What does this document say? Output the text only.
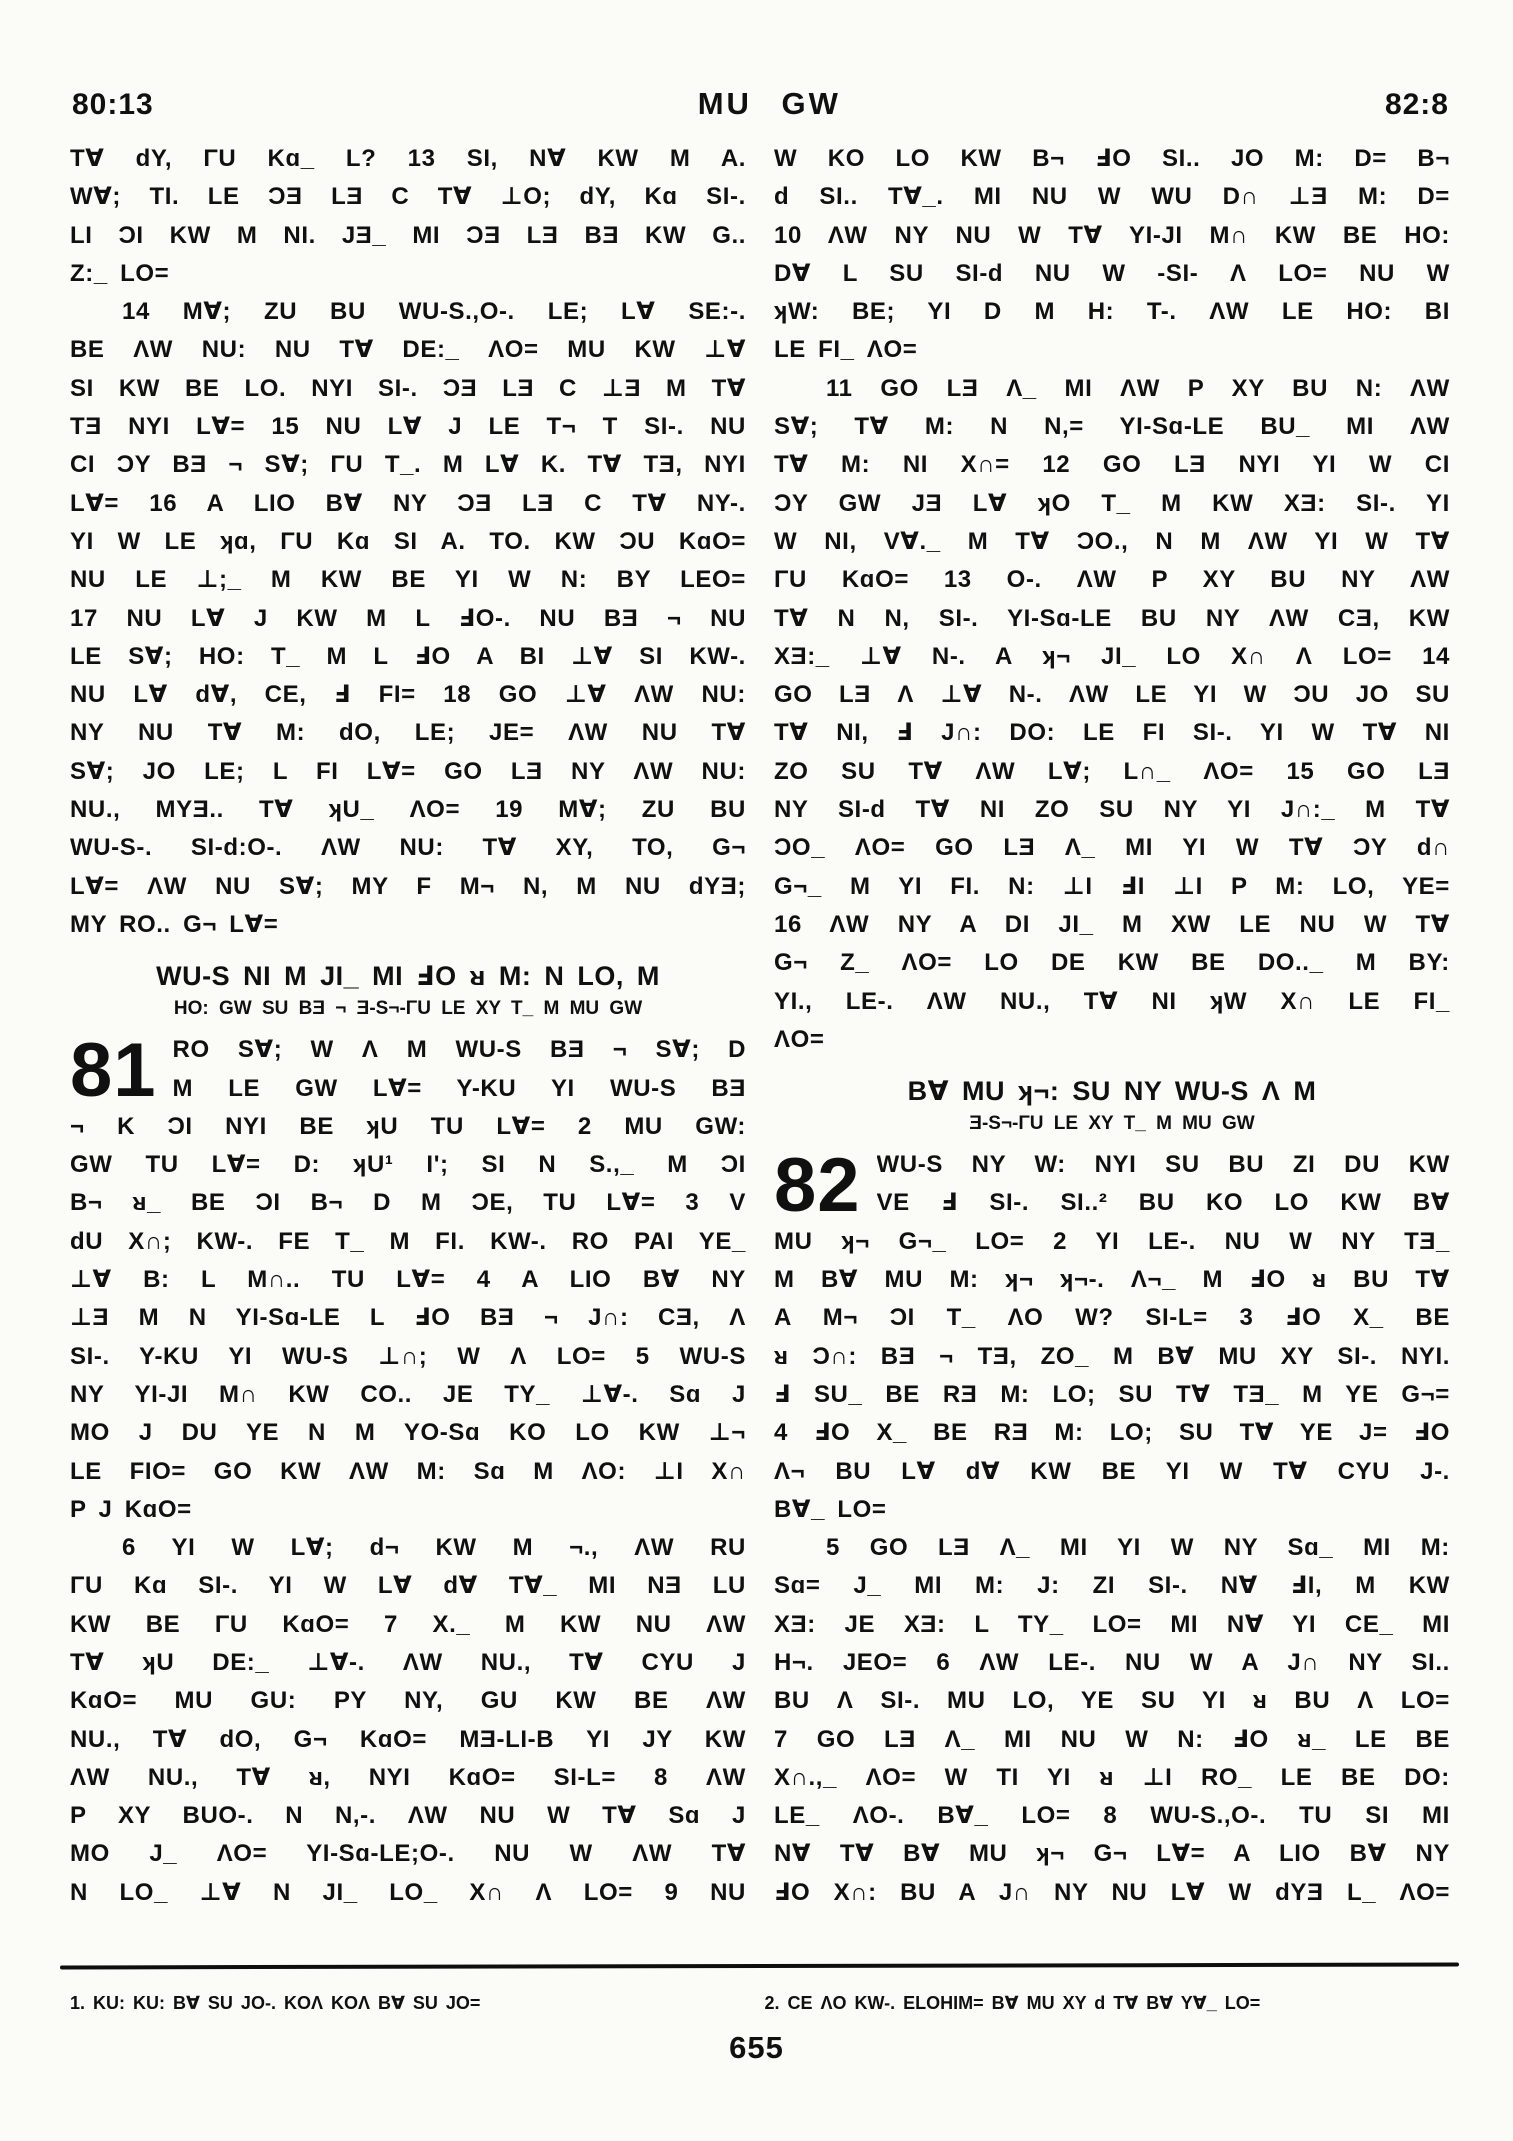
80:13	MU GW	82:8
T∀ dY, ΓU Kɑ_ L? 13 SI, N∀ KW M A.
W∀; TI. LE ƆƎ LƎ C T∀ ⊥O; dY, Kɑ SI-.
LI ƆI KW M NI. JƎ_ MI ƆƎ LƎ BƎ KW G..
Z:_ LO=
14 M∀; ZU BU WU-S.,O-. LE; L∀ SE:-.
BE ΛW NU: NU T∀ DE:_ ΛO= MU KW ⊥∀
SI KW BE LO. NYI SI-. ƆƎ LƎ C ⊥Ǝ M T∀
TƎ NYI L∀= 15 NU L∀ J LE T¬ T SI-. NU
CI ƆY BƎ ¬ S∀; ΓU T_. M L∀ K. T∀ TƎ, NYI
L∀= 16 A LIO B∀ NY ƆƎ LƎ C T∀ NY-.
YI W LE ʞɑ, ΓU Kɑ SI A. TO. KW ƆU KɑO=
NU LE ⊥;_ M KW BE YI W N: BY LEO=
17 NU L∀ J KW M L ℲO-. NU BƎ ¬ NU
LE S∀; HO: T_ M L ℲO A BI ⊥∀ SI KW-.
NU L∀ d∀, CE, Ⅎ FI= 18 GO ⊥∀ ΛW NU:
NY NU T∀ M: dO, LE; JE= ΛW NU T∀
S∀; JO LE; L FI L∀= GO LƎ NY ΛW NU:
NU., MYƎ.. T∀ ʞU_ ΛO= 19 M∀; ZU BU
WU-S-. SI-d:O-. ΛW NU: T∀ XY, TO, G¬
L∀= ΛW NU S∀; MY F M¬ N, M NU dYƎ;
MY RO.. G¬ L∀=
WU-S NI M JI_ MI ℲO ᴚ M: N LO, M
HO: GW SU BƎ ¬ Ǝ-S¬-ΓU LE XY T_ M MU GW
81 RO S∀; W Λ M WU-S BƎ ¬ S∀; D
M LE GW L∀= Y-KU YI WU-S BƎ
¬ K ƆI NYI BE ʞU TU L∀= 2 MU GW:
GW TU L∀= D: ʞU¹ I'; SI N S.,_ M ƆI
B¬ ᴚ_ BE ƆI B¬ D M ƆE, TU L∀= 3 V
dU X∩; KW-. FE T_ M FI. KW-. RO PAI YE_
⊥∀ B: L M∩.. TU L∀= 4 A LIO B∀ NY
⊥Ǝ M N YI-Sɑ-LE L ℲO BƎ ¬ J∩: CƎ, Λ
SI-. Y-KU YI WU-S ⊥∩; W Λ LO= 5 WU-S
NY YI-JI M∩ KW CO.. JE TY_ ⊥∀-. Sɑ J
MO J DU YE N M YO-Sɑ KO LO KW ⊥¬
LE FIO= GO KW ΛW M: Sɑ M ΛO: ⊥I X∩
P J KɑO=
6 YI W L∀; d¬ KW M ¬., ΛW RU
ΓU Kɑ SI-. YI W L∀ d∀ T∀_ MI NƎ LU
KW BE ΓU KɑO= 7 X._ M KW NU ΛW
T∀ ʞU DE:_ ⊥∀-. ΛW NU., T∀ CYU J
KɑO= MU GU: PY NY, GU KW BE ΛW
NU., T∀ dO, G¬ KɑO= MƎ-LI-B YI JY KW
ΛW NU., T∀ ᴚ, NYI KɑO= SI-L= 8 ΛW
P XY BUO-. N N,-. ΛW NU W T∀ Sɑ J
MO J_ ΛO= YI-Sɑ-LE;O-. NU W ΛW T∀
N LO_ ⊥∀ N JI_ LO_ X∩ Λ LO= 9 NU
W KO LO KW B¬ ℲO SI.. JO M: D= B¬
d SI.. T∀_. MI NU W WU D∩ ⊥Ǝ M: D=
10 ΛW NY NU W T∀ YI-JI M∩ KW BE HO:
D∀ L SU SI-d NU W -SI- Λ LO= NU W
ʞW: BE; YI D M H: T-. ΛW LE HO: BI
LE FI_ ΛO=
11 GO LƎ Λ_ MI ΛW P XY BU N: ΛW
S∀; T∀ M: N N,= YI-Sɑ-LE BU_ MI ΛW
T∀ M: NI X∩= 12 GO LƎ NYI YI W CI
ƆY GW JƎ L∀ ʞO T_ M KW XƎ: SI-. YI
W NI, V∀._ M T∀ ƆO., N M ΛW YI W T∀
ΓU KɑO= 13 O-. ΛW P XY BU NY ΛW
T∀ N N, SI-. YI-Sɑ-LE BU NY ΛW CƎ, KW
XƎ:_ ⊥∀ N-. A ʞ¬ JI_ LO X∩ Λ LO= 14
GO LƎ Λ ⊥∀ N-. ΛW LE YI W ƆU JO SU
T∀ NI, Ⅎ J∩: DO: LE FI SI-. YI W T∀ NI
ZO SU T∀ ΛW L∀; L∩_ ΛO= 15 GO LƎ
NY SI-d T∀ NI ZO SU NY YI J∩:_ M T∀
ƆO_ ΛO= GO LƎ Λ_ MI YI W T∀ ƆY d∩
G¬_ M YI FI. N: ⊥I ℲI ⊥I P M: LO, YE=
16 ΛW NY A DI JI_ M XW LE NU W T∀
G¬ Z_ ΛO= LO DE KW BE DO.._ M BY:
YI., LE-. ΛW NU., T∀ NI ʞW X∩ LE FI_
ΛO=
B∀ MU ʞ¬: SU NY WU-S Λ M
Ǝ-S¬-ΓU LE XY T_ M MU GW
82 WU-S NY W: NYI SU BU ZI DU KW
VE Ⅎ SI-. SI..² BU KO LO KW B∀
MU ʞ¬ G¬_ LO= 2 YI LE-. NU W NY TƎ_
M B∀ MU M: ʞ¬ ʞ¬-. Λ¬_ M ℲO ᴚ BU T∀
A M¬ ƆI T_ ΛO W? SI-L= 3 ℲO X_ BE
ᴚ Ɔ∩: BƎ ¬ TƎ, ZO_ M B∀ MU XY SI-. NYI.
Ⅎ SU_ BE RƎ M: LO; SU T∀ TƎ_ M YE G¬=
4 ℲO X_ BE RƎ M: LO; SU T∀ YE J= ℲO
Λ¬ BU L∀ d∀ KW BE YI W T∀ CYU J-.
B∀_ LO=
5 GO LƎ Λ_ MI YI W NY Sɑ_ MI M:
Sɑ= J_ MI M: J: ZI SI-. N∀ ℲI, M KW
XƎ: JE XƎ: L TY_ LO= MI N∀ YI CE_ MI
H¬. JEO= 6 ΛW LE-. NU W A J∩ NY SI..
BU Λ SI-. MU LO, YE SU YI ᴚ BU Λ LO=
7 GO LƎ Λ_ MI NU W N: ℲO ᴚ_ LE BE
X∩.,_ ΛO= W TI YI ᴚ ⊥I RO_ LE BE DO:
LE_ ΛO-. B∀_ LO= 8 WU-S.,O-. TU SI MI
N∀ T∀ B∀ MU ʞ¬ G¬ L∀= A LIO B∀ NY
ℲO X∩: BU A J∩ NY NU L∀ W dYƎ L_ ΛO=
1. KU: KU: B∀ SU JO-. KOΛ KOΛ B∀ SU JO=	2. CE ΛO KW-. ELOHIM= B∀ MU XY d T∀ B∀ Y∀_ LO=
655
